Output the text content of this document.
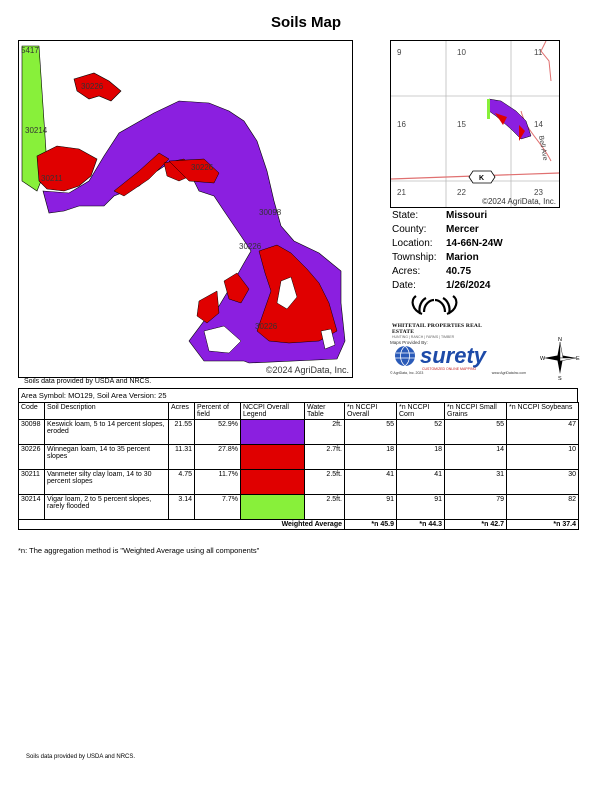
Soils Map
5417
30226
30214
30211
30226
30098
30226
30226
©2024 AgriData, Inc.
9	10	11
16	15	14
21	22	23
Bell Ave
K
©2024 AgriData, Inc.
State:	Missouri
County:	Mercer
Location:	14-66N-24W
Township: Marion
Acres:	40.75
Date:	1/26/2024
WHITETAIL PROPERTIES REAL ESTATE
HUNTING | RANCH | FARMS | TIMBER
Maps Provided By:
surety
CUSTOMIZED ONLINE MAPPING
© AgriData, Inc. 2023	www.AgriDataInc.com
N
S
W	E
Soils data provided by USDA and NRCS.
Area Symbol: MO129, Soil Area Version: 25
Code	Soil Description	Acres	Percent of field	NCCPI Overall Legend	Water Table	*n NCCPI Overall	*n NCCPI Corn	*n NCCPI Small Grains	*n NCCPI Soybeans
30098	Keswick loam, 5 to 14 percent slopes, eroded	21.55	52.9%		2ft.	55	52	55	47
30226	Winnegan loam, 14 to 35 percent slopes	11.31	27.8%		2.7ft.	18	18	14	10
30211	Vanmeter silty clay loam, 14 to 30 percent slopes	4.75	11.7%		2.5ft.	41	41	31	30
30214	Vigar loam, 2 to 5 percent slopes, rarely flooded	3.14	7.7%		2.5ft.	91	91	79	82
Weighted Average						*n 45.9	*n 44.3	*n 42.7	*n 37.4
*n: The aggregation method is "Weighted Average using all components"
Soils data provided by USDA and NRCS.
